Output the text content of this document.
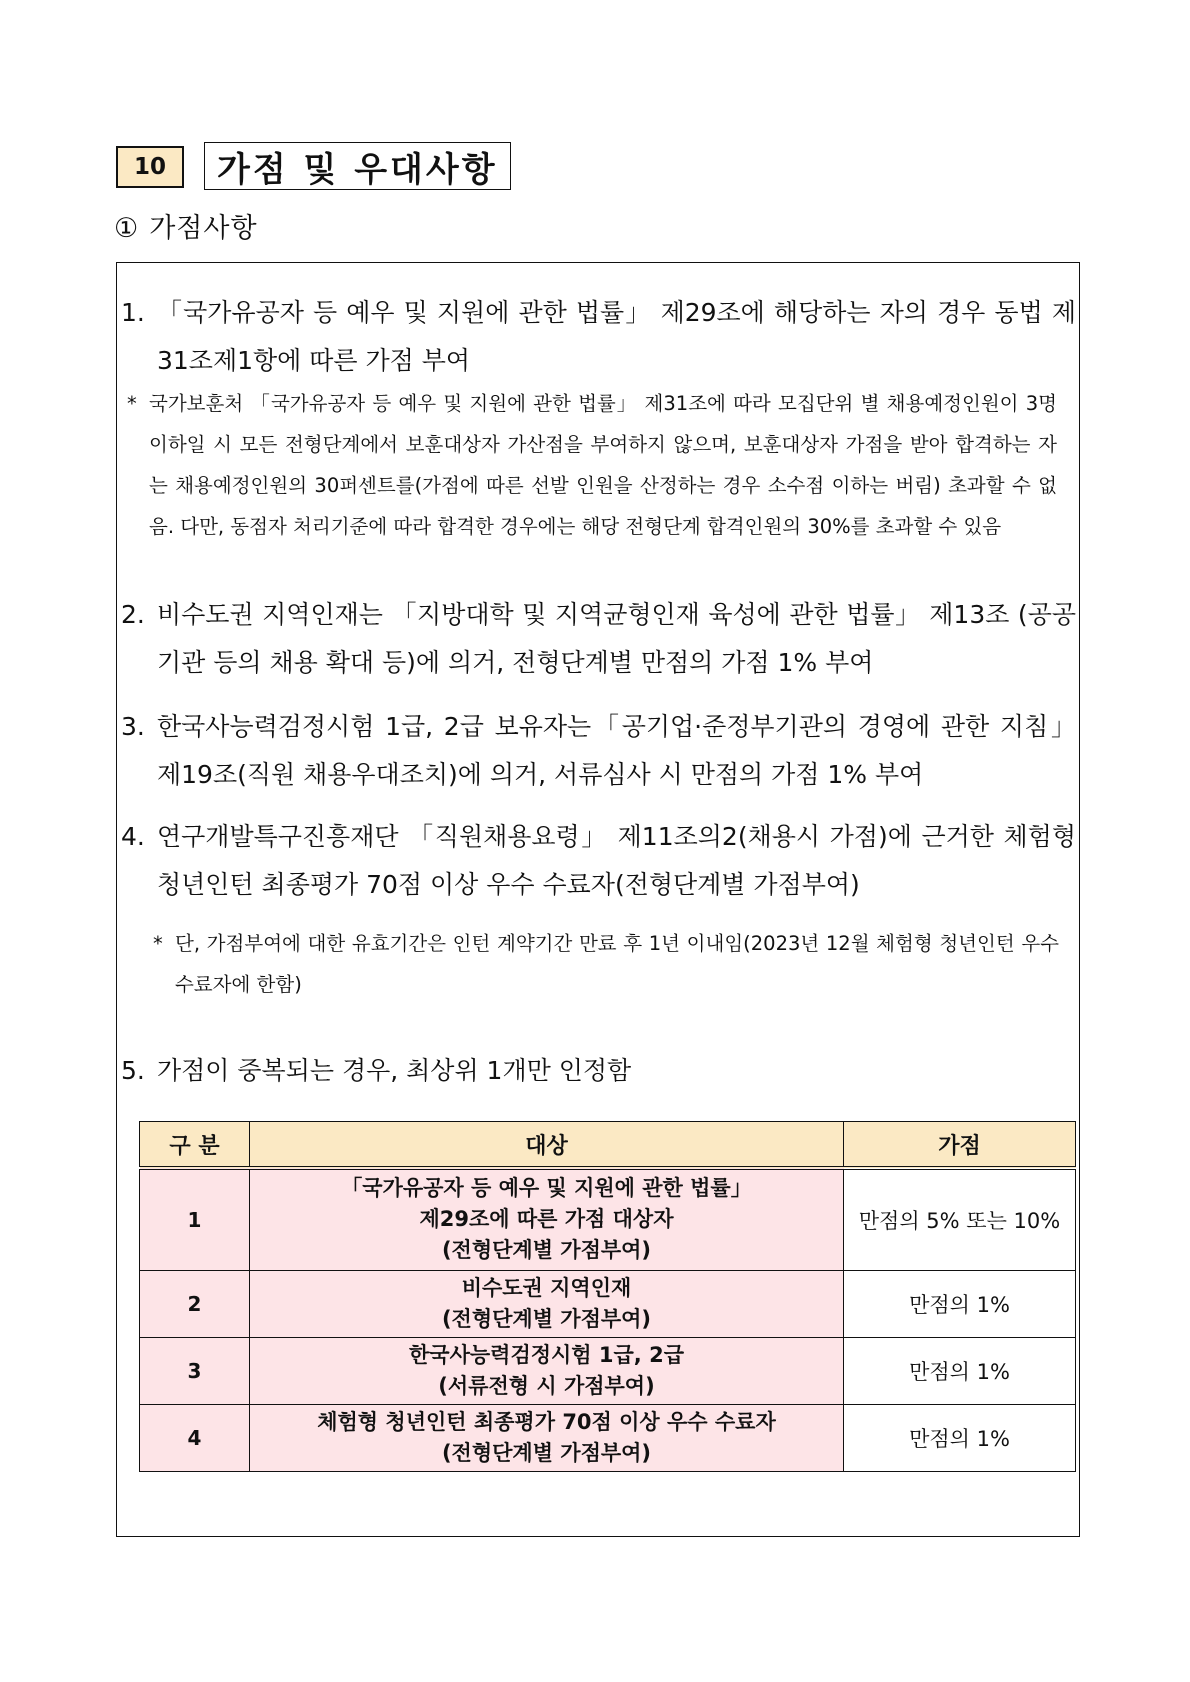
10	가점 및 우대사항
① 가점사항
1. 「국가유공자 등 예우 및 지원에 관한 법률」 제29조에 해당하는 자의 경우 동법 제31조제1항에 따른 가점 부여
* 국가보훈처 「국가유공자 등 예우 및 지원에 관한 법률」 제31조에 따라 모집단위 별 채용예정인원이 3명 이하일 시 모든 전형단계에서 보훈대상자 가산점을 부여하지 않으며, 보훈대상자 가점을 받아 합격하는 자는 채용예정인원의 30퍼센트를(가점에 따른 선발 인원을 산정하는 경우 소수점 이하는 버림) 초과할 수 없음. 다만, 동점자 처리기준에 따라 합격한 경우에는 해당 전형단계 합격인원의 30%를 초과할 수 있음
2. 비수도권 지역인재는 「지방대학 및 지역균형인재 육성에 관한 법률」 제13조 (공공기관 등의 채용 확대 등)에 의거, 전형단계별 만점의 가점 1% 부여
3. 한국사능력검정시험 1급, 2급 보유자는「공기업·준정부기관의 경영에 관한 지침」 제19조(직원 채용우대조치)에 의거, 서류심사 시 만점의 가점 1% 부여
4. 연구개발특구진흥재단 「직원채용요령」 제11조의2(채용시 가점)에 근거한 체험형 청년인턴 최종평가 70점 이상 우수 수료자(전형단계별 가점부여)
* 단, 가점부여에 대한 유효기간은 인턴 계약기간 만료 후 1년 이내임(2023년 12월 체험형 청년인턴 우수수료자에 한함)
5. 가점이 중복되는 경우, 최상위 1개만 인정함
구 분	대상	가점
1	「국가유공자 등 예우 및 지원에 관한 법률」
제29조에 따른 가점 대상자
(전형단계별 가점부여)	만점의 5% 또는 10%
2	비수도권 지역인재
(전형단계별 가점부여)	만점의 1%
3	한국사능력검정시험 1급, 2급
(서류전형 시 가점부여)	만점의 1%
4	체험형 청년인턴 최종평가 70점 이상 우수 수료자
(전형단계별 가점부여)	만점의 1%
